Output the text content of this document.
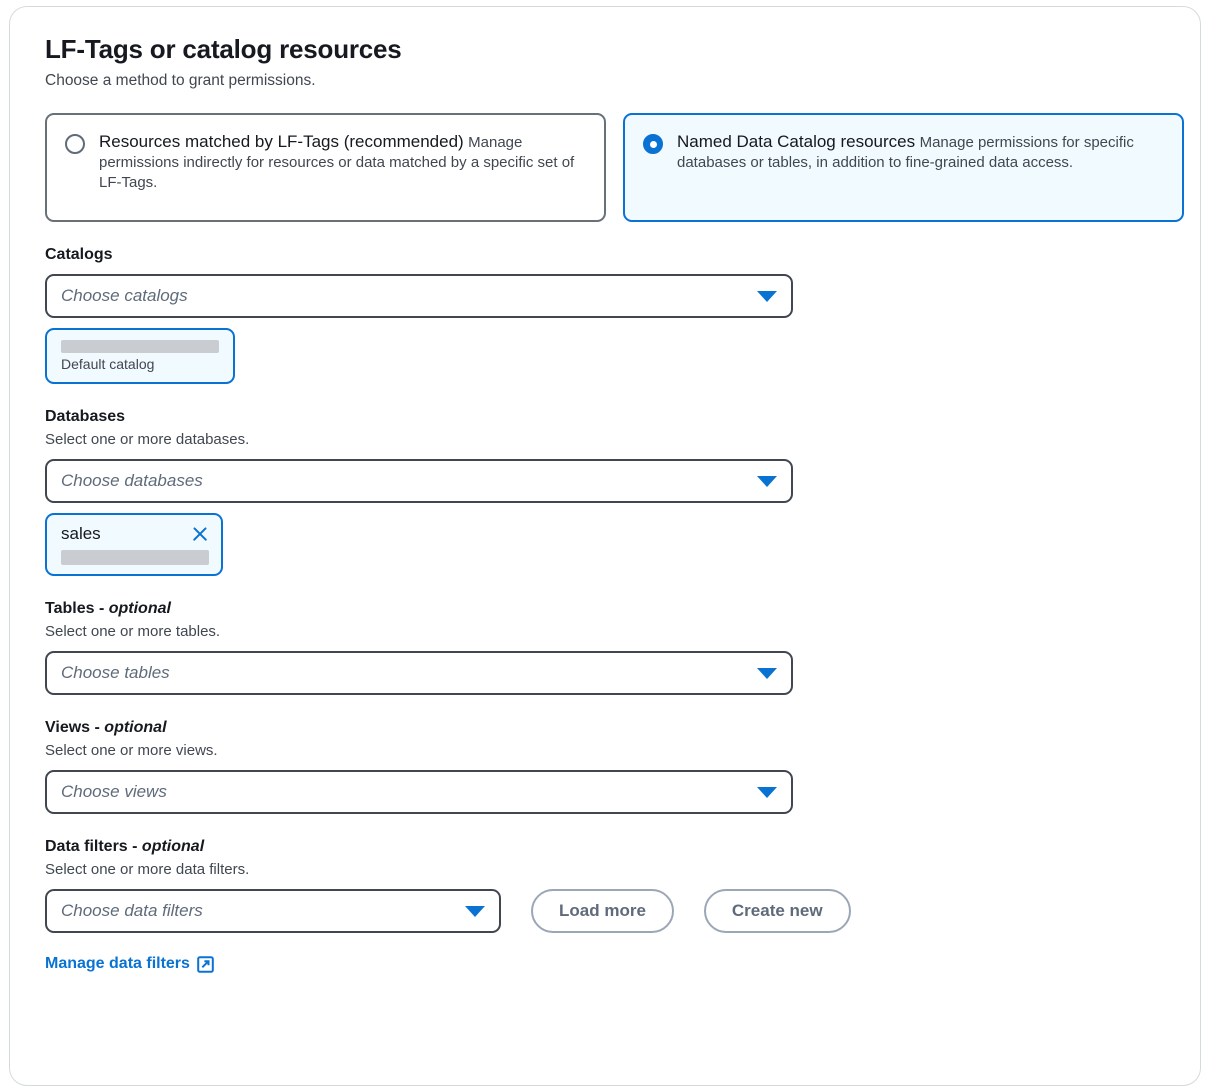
LF-Tags or catalog resources

Choose a method to grant permissions.

Resources matched by LF-Tags (recommended) Manage permissions indirectly for resources or data matched by a specific set of LF-Tags.
Named Data Catalog resources Manage permissions for specific databases or tables, in addition to fine-grained data access.
Catalogs
Choose catalogs
Default catalog
Databases
Select one or more databases.
Choose databases
sales
Tables - optional
Select one or more tables.
Choose tables
Views - optional
Select one or more views.
Choose views
Data filters - optional
Select one or more data filters.
Choose data filters	Load more	Create new
Manage data filters
